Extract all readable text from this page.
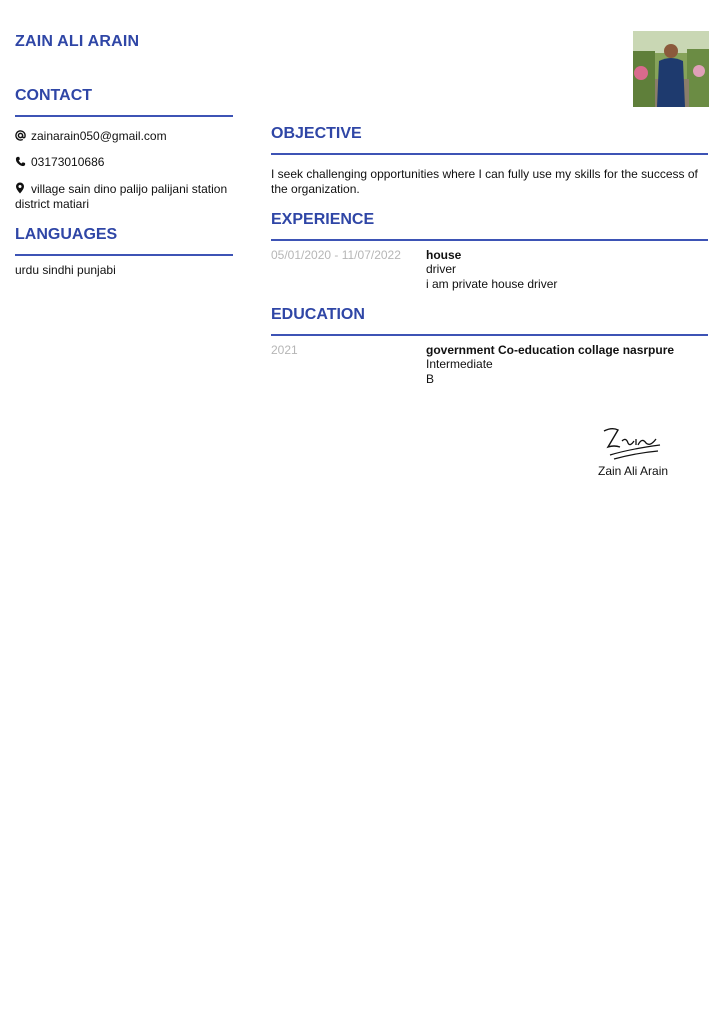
ZAIN ALI ARAIN
CONTACT
zainarain050@gmail.com
03173010686
village sain dino palijo palijani station district matiari
LANGUAGES
urdu sindhi punjabi
OBJECTIVE
I seek challenging opportunities where I can fully use my skills for the success of the organization.
EXPERIENCE
05/01/2020 - 11/07/2022 house
driver
i am private house driver
EDUCATION
2021	government Co-education collage nasrpure
Intermediate
B
Zain Ali Arain
